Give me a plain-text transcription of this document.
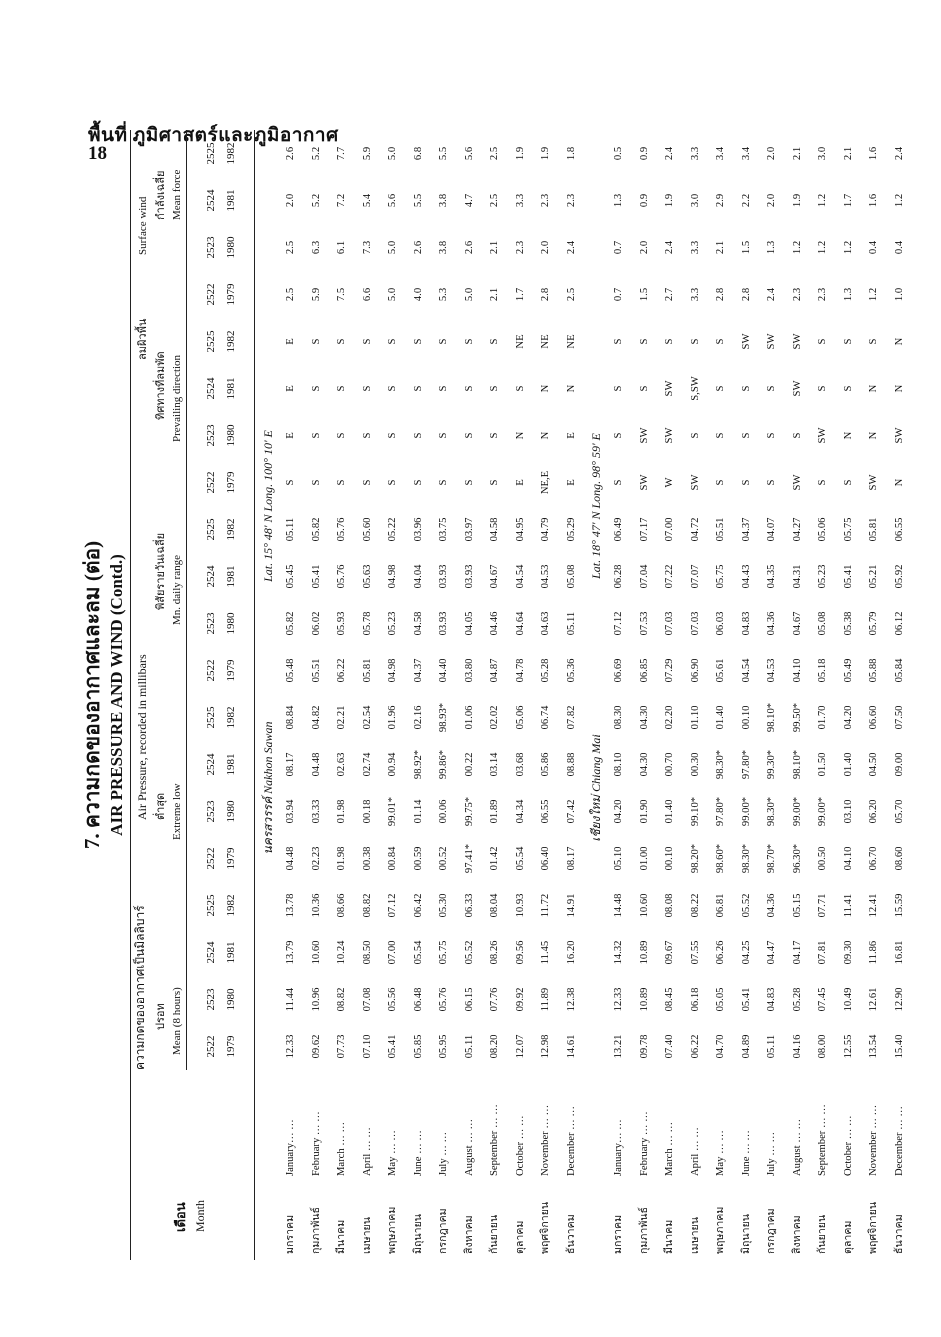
พื้นที่ ภูมิศาสตร์และภูมิอากาศ
18
7. ความกดของอากาศและลม (ต่อ) AIR PRESSURE AND WIND (Contd.)
เดือน Month
ความกดของอากาศเป็นมิลลิบาร์
Air Pressure, recorded in millibars
ปรอท Mean (8 hours)
ต่ำสุด Extreme low
พิสัยรายวันเฉลี่ย Mn. daily range
ลมผิวพื้น
Surface wind
ทิศทางที่ลมพัด Prevailing direction
กำลังเฉลี่ย Mean force
2522
2523
2524
2525
2522
2523
2524
2525
2522
2523
2524
2525
2522
2523
2524
2525
2522
2523
2524
2525
1979
1980
1981
1982
1979
1980
1981
1982
1979
1980
1981
1982
1979
1980
1981
1982
1979
1980
1981
1982
					นครสวรรค์ Nakhon Sawan				Lat. 15° 48' N Long. 100° 10' E											
มกราคมJanuary… …	12.33	11.44	13.79	13.78	04.48	03.94	08.17	08.84	05.48	05.82	05.45	05.11	S	E	E	E	2.5	2.5	2.0	2.6
กุมภาพันธ์February … …	09.62	10.96	10.60	10.36	02.23	03.33	04.48	04.82	05.51	06.02	05.41	05.82	S	S	S	S	5.9	6.3	5.2	5.2
มีนาคมMarch … …	07.73	08.82	10.24	08.66	01.98	01.98	02.63	02.21	06.22	05.93	05.76	05.76	S	S	S	S	7.5	6.1	7.2	7.7
เมษายนApril … …	07.10	07.08	08.50	08.82	00.38	00.18	02.74	02.54	05.81	05.78	05.63	05.60	S	S	S	S	6.6	7.3	5.4	5.9
พฤษภาคมMay … …	05.41	05.56	07.00	07.12	00.84	99.01*	00.94	01.96	04.98	05.23	04.98	05.22	S	S	S	S	5.0	5.0	5.6	5.0
มิถุนายนJune … …	05.85	06.48	05.54	06.42	00.59	01.14	98.92*	02.16	04.37	04.58	04.04	03.96	S	S	S	S	4.0	2.6	5.5	6.8
กรกฎาคมJuly … …	05.95	05.76	05.75	05.30	00.52	00.06	99.86*	98.93*	04.40	03.93	03.93	03.75	S	S	S	S	5.3	3.8	3.8	5.5
สิงหาคมAugust … …	05.11	06.15	05.52	06.33	97.41*	99.75*	00.22	01.06	03.80	04.05	03.93	03.97	S	S	S	S	5.0	2.6	4.7	5.6
กันยายนSeptember … …	08.20	07.76	08.26	08.04	01.42	01.89	03.14	02.02	04.87	04.46	04.67	04.58	S	S	S	S	2.1	2.1	2.5	2.5
ตุลาคมOctober … …	12.07	09.92	09.56	10.93	05.54	04.34	03.68	05.06	04.78	04.64	04.54	04.95	E	N	S	NE	1.7	2.3	3.3	1.9
พฤศจิกายนNovember … …	12.98	11.89	11.45	11.72	06.40	06.55	05.86	06.74	05.28	04.63	04.53	04.79	NE,E	N	N	NE	2.8	2.0	2.3	1.9
ธันวาคมDecember … …	14.61	12.38	16.20	14.91	08.17	07.42	08.88	07.82	05.36	05.11	05.08	05.29	E	E	N	NE	2.5	2.4	2.3	1.8
					เชียงใหม่ Chiang Mai				Lat. 18° 47' N Long. 98° 59' E											
มกราคมJanuary… …	13.21	12.33	14.32	14.48	05.10	04.20	08.10	08.30	06.69	07.12	06.28	06.49	S	S	S	S	0.7	0.7	1.3	0.5
กุมภาพันธ์February … …	09.78	10.89	10.89	10.60	01.00	01.90	04.30	04.30	06.85	07.53	07.04	07.17	SW	SW	S	S	1.5	2.0	0.9	0.9
มีนาคมMarch … …	07.40	08.45	09.67	08.08	00.10	01.40	00.70	02.20	07.29	07.03	07.22	07.00	W	SW	SW	S	2.7	2.4	1.9	2.4
เมษายนApril … …	06.22	06.18	07.55	08.22	98.20*	99.10*	00.30	01.10	06.90	07.03	07.07	04.72	SW	S	S,SW	S	3.3	3.3	3.0	3.3
พฤษภาคมMay … …	04.70	05.05	06.26	06.81	98.60*	97.80*	98.30*	01.40	05.61	06.03	05.75	05.51	S	S	S	S	2.8	2.1	2.9	3.4
มิถุนายนJune … …	04.89	05.41	04.25	05.52	98.30*	99.00*	97.80*	00.10	04.54	04.83	04.43	04.37	S	S	S	SW	2.8	1.5	2.2	3.4
กรกฎาคมJuly … …	05.11	04.83	04.47	04.36	98.70*	98.30*	99.30*	98.10*	04.53	04.36	04.35	04.07	S	S	S	SW	2.4	1.3	2.0	2.0
สิงหาคมAugust … …	04.16	05.28	04.17	05.15	96.30*	99.00*	98.10*	99.50*	04.10	04.67	04.31	04.27	SW	S	SW	SW	2.3	1.2	1.9	2.1
กันยายนSeptember … …	08.00	07.45	07.81	07.71	00.50	99.00*	01.50	01.70	05.18	05.08	05.23	05.06	S	SW	S	S	2.3	1.2	1.2	3.0
ตุลาคมOctober … …	12.55	10.49	09.30	11.41	04.10	03.10	01.40	04.20	05.49	05.38	05.41	05.75	S	N	S	S	1.3	1.2	1.7	2.1
พฤศจิกายนNovember … …	13.54	12.61	11.86	12.41	06.70	06.20	04.50	06.60	05.88	05.79	05.21	05.81	SW	N	N	S	1.2	0.4	1.6	1.6
ธันวาคมDecember … …	15.40	12.90	16.81	15.59	08.60	05.70	09.00	07.50	05.84	06.12	05.92	06.55	N	SW	N	N	1.0	0.4	1.2	2.4
